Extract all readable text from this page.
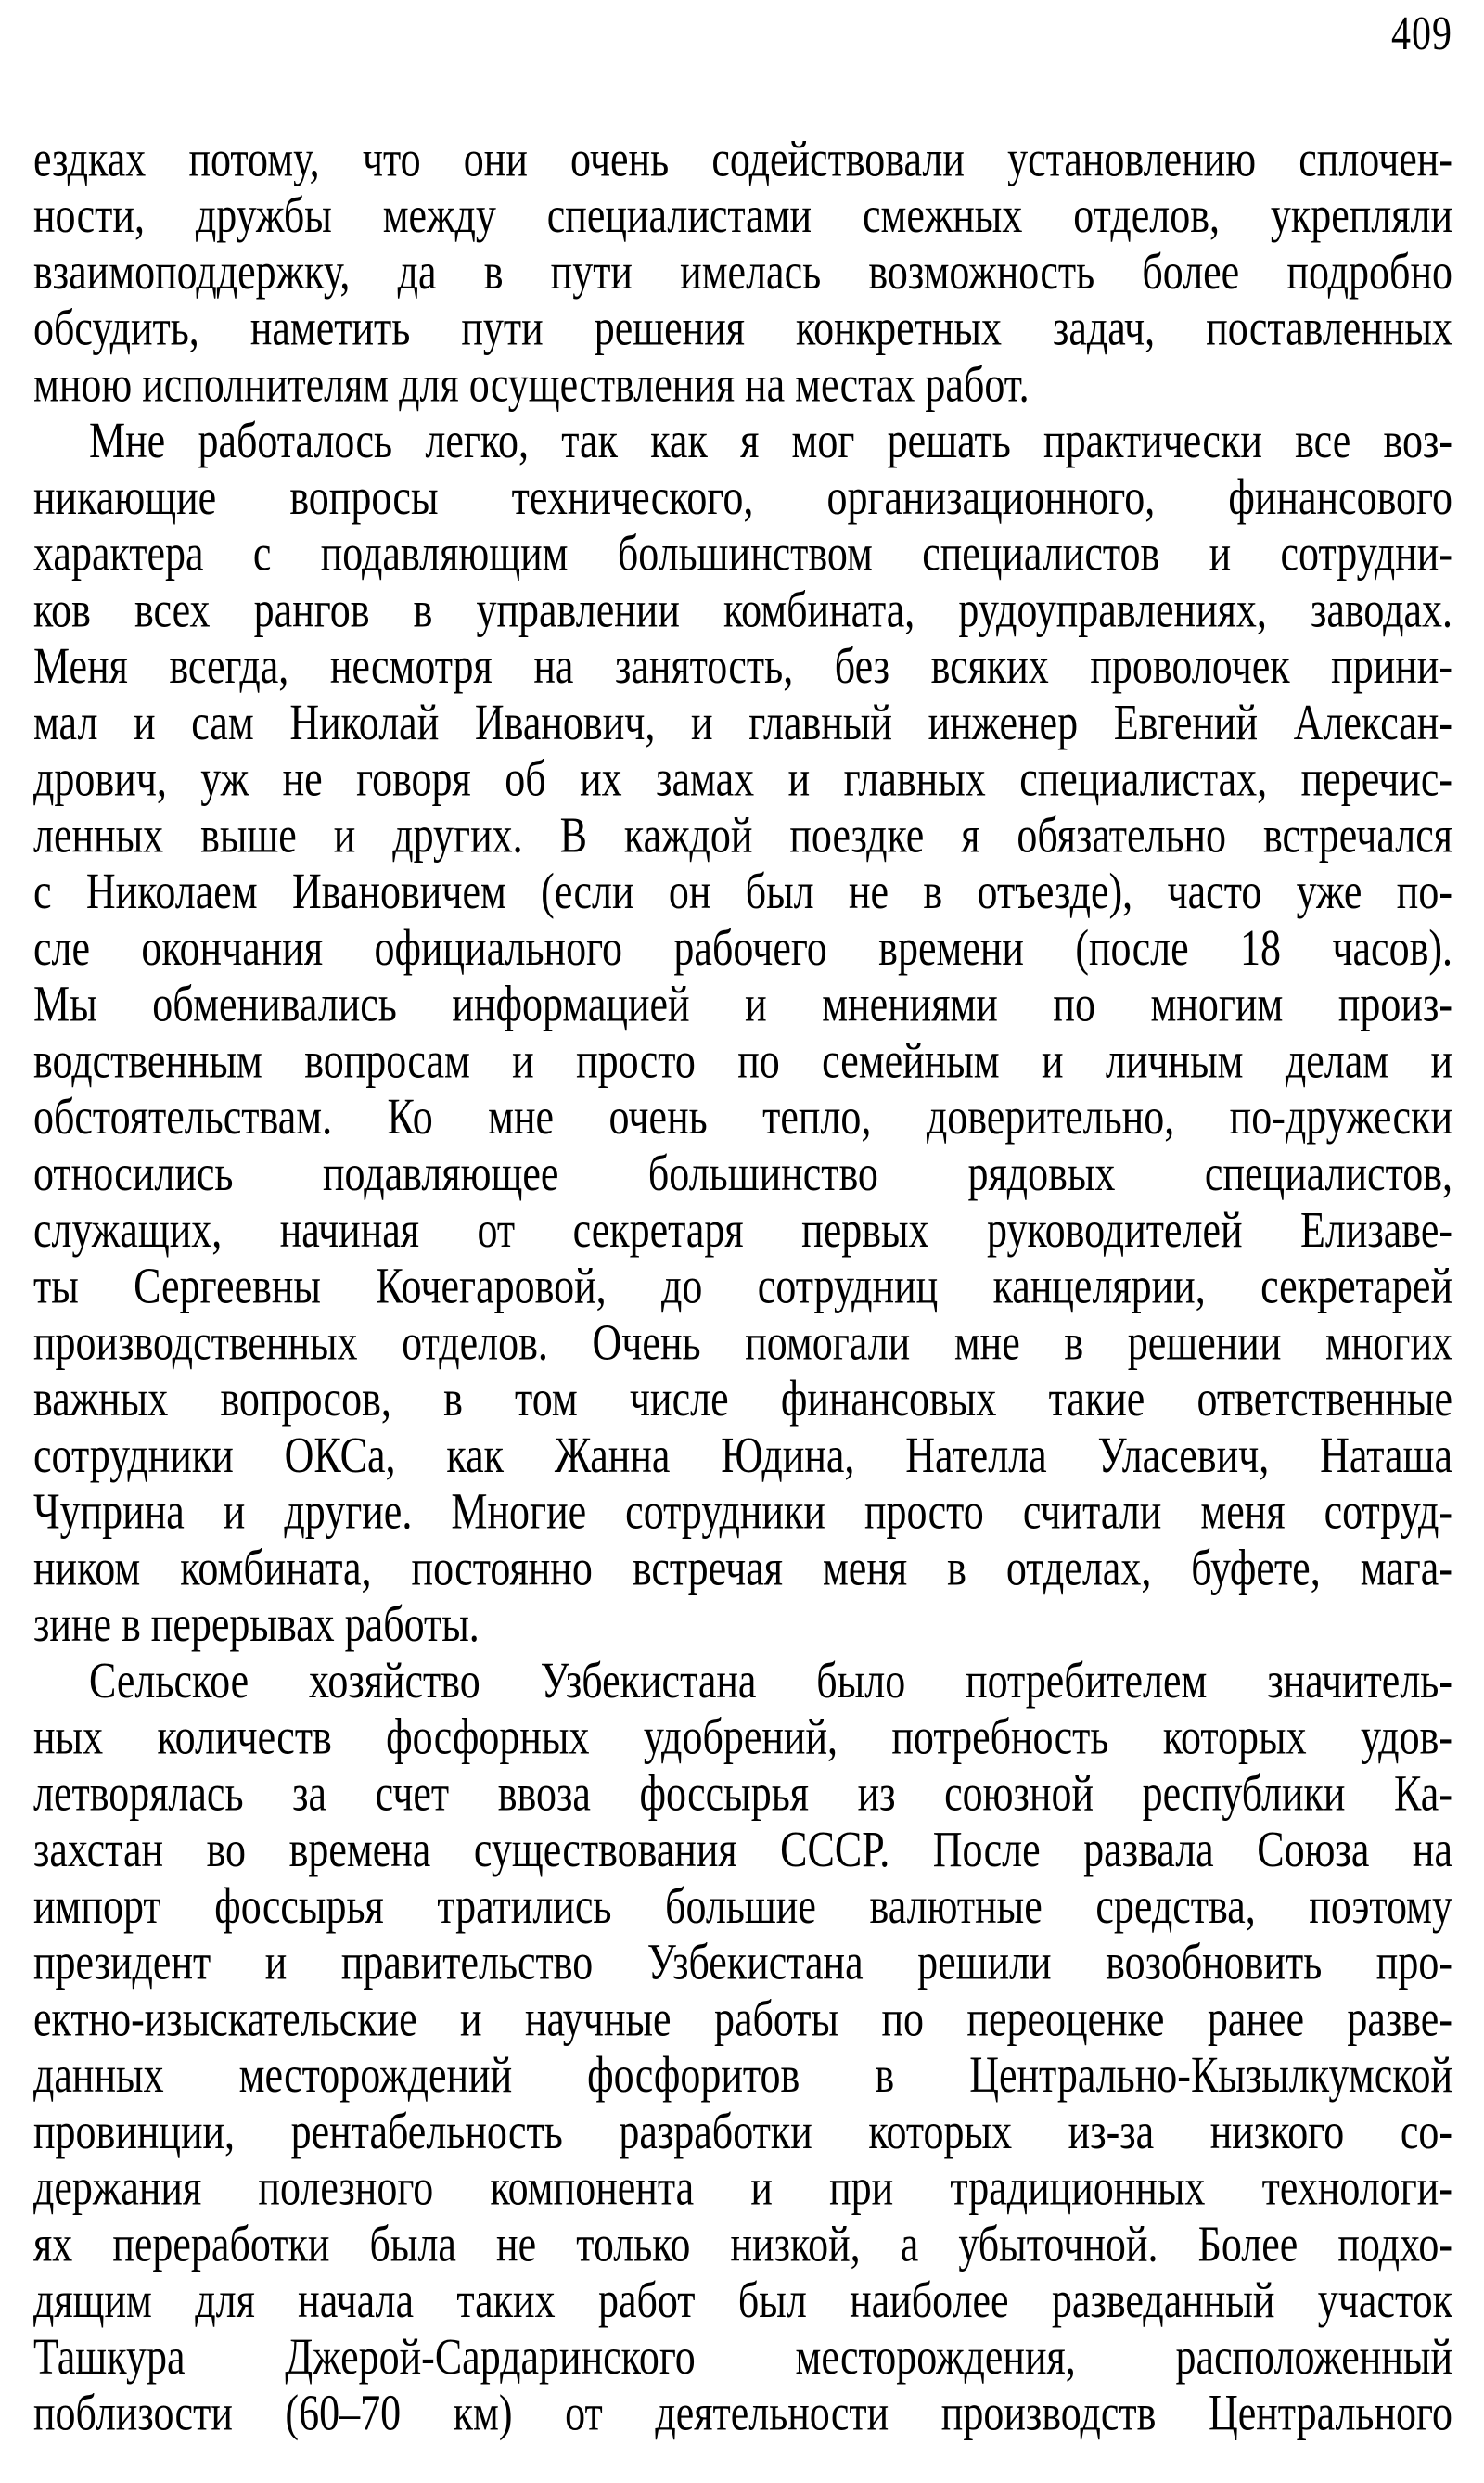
409
ездках потому, что они очень содействовали установлению сплочен-
ности, дружбы между специалистами смежных отделов, укрепляли
взаимоподдержку, да в пути имелась возможность более подробно
обсудить, наметить пути решения конкретных задач, поставленных
мною исполнителям для осуществления на местах работ.
Мне работалось легко, так как я мог решать практически все воз-
никающие вопросы технического, организационного, финансового
характера с подавляющим большинством специалистов и сотрудни-
ков всех рангов в управлении комбината, рудоуправлениях, заводах.
Меня всегда, несмотря на занятость, без всяких проволочек прини-
мал и сам Николай Иванович, и главный инженер Евгений Алексан-
дрович, уж не говоря об их замах и главных специалистах, перечис-
ленных выше и других. В каждой поездке я обязательно встречался
с Николаем Ивановичем (если он был не в отъезде), часто уже по-
сле окончания официального рабочего времени (после 18 часов).
Мы обменивались информацией и мнениями по многим произ-
водственным вопросам и просто по семейным и личным делам и
обстоятельствам. Ко мне очень тепло, доверительно, по-дружески
относились подавляющее большинство рядовых специалистов,
служащих, начиная от секретаря первых руководителей Елизаве-
ты Сергеевны Кочегаровой, до сотрудниц канцелярии, секретарей
производственных отделов. Очень помогали мне в решении многих
важных вопросов, в том числе финансовых такие ответственные
сотрудники ОКСа, как Жанна Юдина, Нателла Уласевич, Наташа
Чуприна и другие. Многие сотрудники просто считали меня сотруд-
ником комбината, постоянно встречая меня в отделах, буфете, мага-
зине в перерывах работы.
Сельское хозяйство Узбекистана было потребителем значитель-
ных количеств фосфорных удобрений, потребность которых удов-
летворялась за счет ввоза фоссырья из союзной республики Ка-
захстан во времена существования СССР. После развала Союза на
импорт фоссырья тратились большие валютные средства, поэтому
президент и правительство Узбекистана решили возобновить про-
ектно-изыскательские и научные работы по переоценке ранее разве-
данных месторождений фосфоритов в Центрально-Кызылкумской
провинции, рентабельность разработки которых из-за низкого со-
держания полезного компонента и при традиционных технологи-
ях переработки была не только низкой, а убыточной. Более подхо-
дящим для начала таких работ был наиболее разведанный участок
Ташкура Джерой-Сардаринского месторождения, расположенный
поблизости (60–70 км) от деятельности производств Центрального
